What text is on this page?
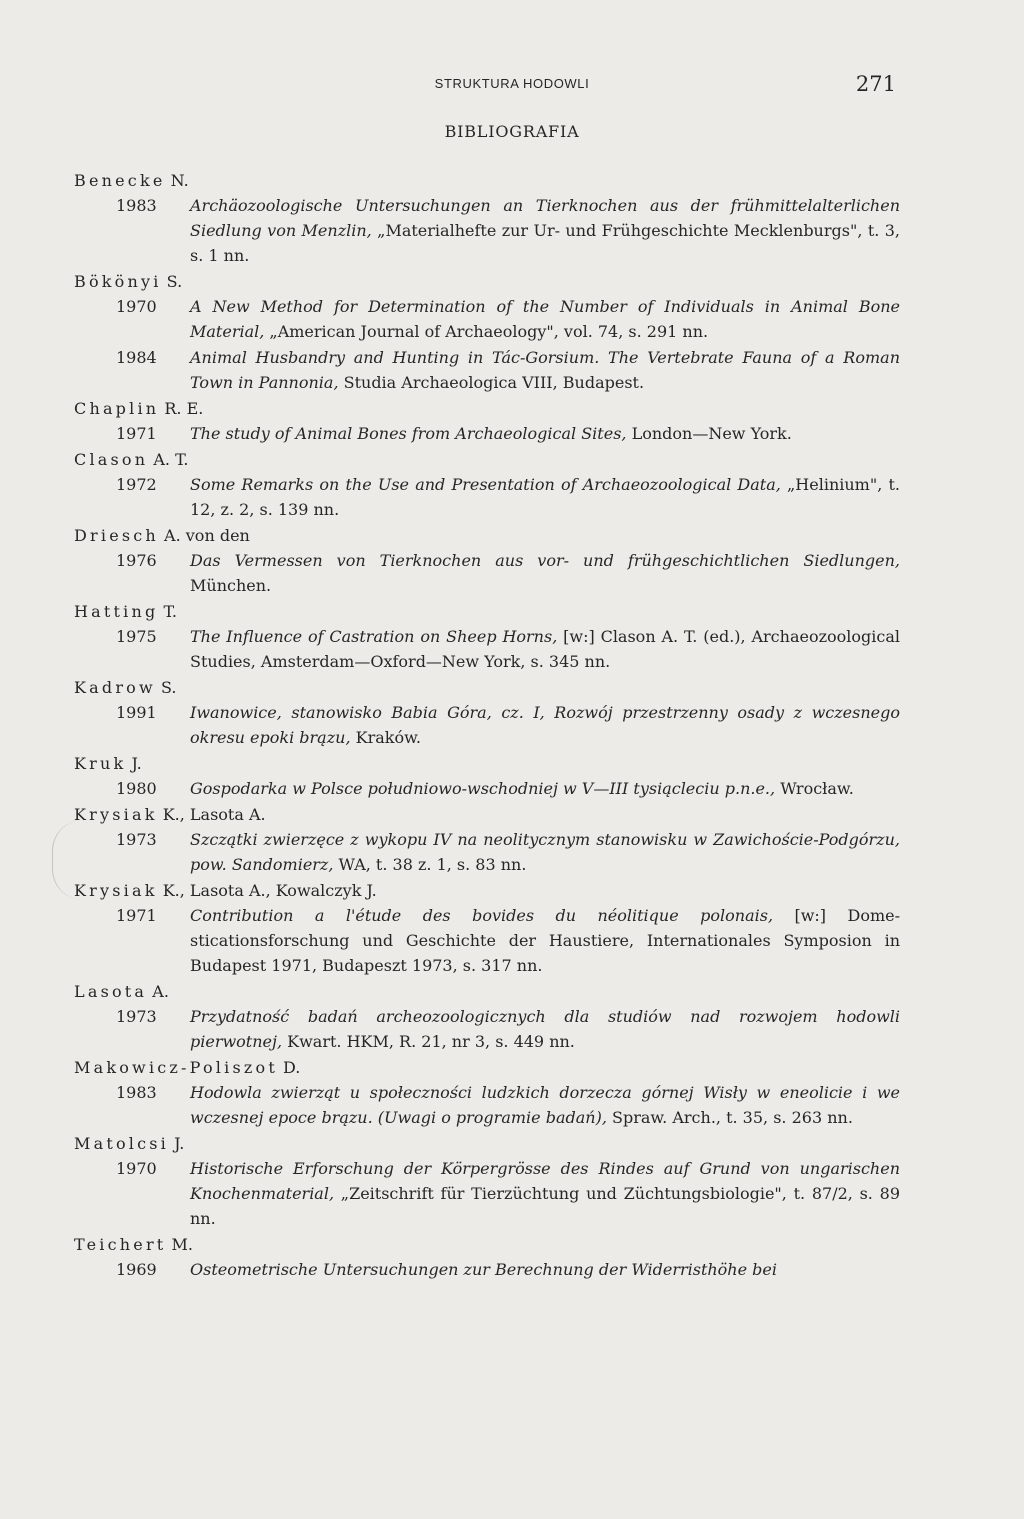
STRUKTURA HODOWLI	271
BIBLIOGRAFIA
Benecke N.
1983	Archäozoologische Untersuchungen an Tierknochen aus der frühmittelalterlichen Siedlung von Menzlin, „Materialhefte zur Ur- und Frühgeschichte Mecklenburgs", t. 3, s. 1 nn.
Bökönyi S.
1970	A New Method for Determination of the Number of Individuals in Animal Bone Material, „American Journal of Archaeology", vol. 74, s. 291 nn.
1984	Animal Husbandry and Hunting in Tác-Gorsium. The Vertebrate Fauna of a Roman Town in Pannonia, Studia Archaeologica VIII, Budapest.
Chaplin R. E.
1971	The study of Animal Bones from Archaeological Sites, London—New York.
Clason A. T.
1972	Some Remarks on the Use and Presentation of Archaeozoological Data, „Helinium", t. 12, z. 2, s. 139 nn.
Driesch A. von den
1976	Das Vermessen von Tierknochen aus vor- und frühgeschichtlichen Siedlungen, München.
Hatting T.
1975	The Influence of Castration on Sheep Horns, [w:] Clason A. T. (ed.), Archaeozoological Studies, Amsterdam—Oxford—New York, s. 345 nn.
Kadrow S.
1991	Iwanowice, stanowisko Babia Góra, cz. I, Rozwój przestrzenny osady z wczesnego okresu epoki brązu, Kraków.
Kruk J.
1980	Gospodarka w Polsce południowo-wschodniej w V—III tysiącleciu p.n.e., Wrocław.
Krysiak K., Lasota A.
1973	Szczątki zwierzęce z wykopu IV na neolitycznym stanowisku w Zawichoście-Podgórzu, pow. Sandomierz, WA, t. 38 z. 1, s. 83 nn.
Krysiak K., Lasota A., Kowalczyk J.
1971	Contribution a l'étude des bovides du néolitique polonais, [w:] Domesticationsforschung und Geschichte der Haustiere, Internationales Symposion in Budapest 1971, Budapeszt 1973, s. 317 nn.
Lasota A.
1973	Przydatność badań archeozoologicznych dla studiów nad rozwojem hodowli pierwotnej, Kwart. HKM, R. 21, nr 3, s. 449 nn.
Makowicz-Poliszot D.
1983	Hodowla zwierząt u społeczności ludzkich dorzecza górnej Wisły w eneolicie i we wczesnej epoce brązu. (Uwagi o programie badań), Spraw. Arch., t. 35, s. 263 nn.
Matolcsi J.
1970	Historische Erforschung der Körpergrösse des Rindes auf Grund von ungarischen Knochenmaterial, „Zeitschrift für Tierzüchtung und Züchtungsbiologie", t. 87/2, s. 89 nn.
Teichert M.
1969	Osteometrische Untersuchungen zur Berechnung der Widerristhöhe bei
